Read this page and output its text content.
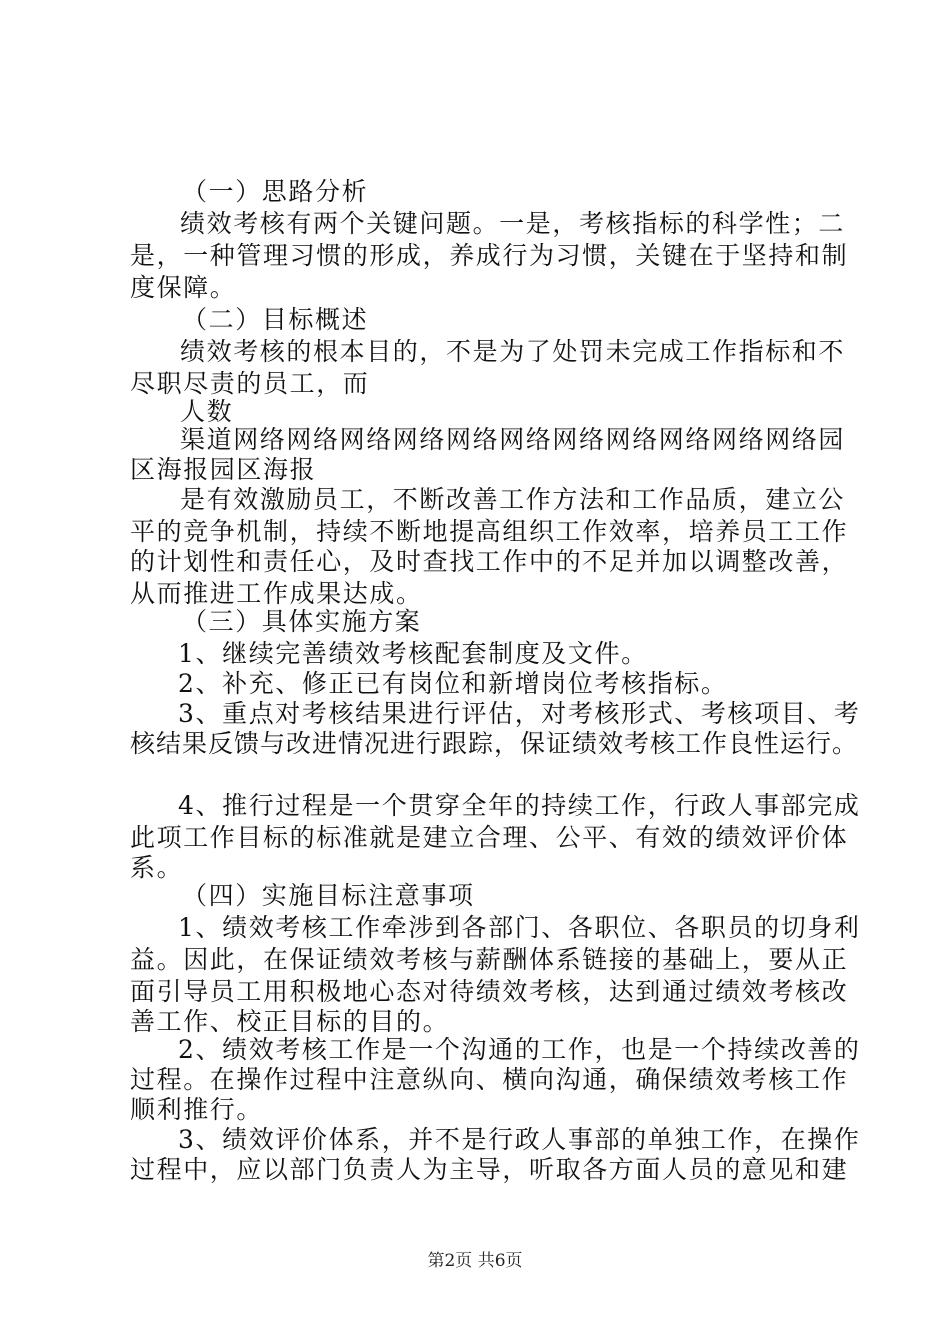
（一）思路分析
绩效考核有两个关键问题。一是，考核指标的科学性；二
是，一种管理习惯的形成，养成行为习惯，关键在于坚持和制
度保障。
（二）目标概述
绩效考核的根本目的，不是为了处罚未完成工作指标和不
尽职尽责的员工，而
人数
渠道网络网络网络网络网络网络网络网络网络网络网络园
区海报园区海报
是有效激励员工，不断改善工作方法和工作品质，建立公
平的竞争机制，持续不断地提高组织工作效率，培养员工工作
的计划性和责任心，及时查找工作中的不足并加以调整改善，
从而推进工作成果达成。
（三）具体实施方案
1、继续完善绩效考核配套制度及文件。
2、补充、修正已有岗位和新增岗位考核指标。
3、重点对考核结果进行评估，对考核形式、考核项目、考
核结果反馈与改进情况进行跟踪，保证绩效考核工作良性运行。
4、推行过程是一个贯穿全年的持续工作，行政人事部完成
此项工作目标的标准就是建立合理、公平、有效的绩效评价体
系。
（四）实施目标注意事项
1、绩效考核工作牵涉到各部门、各职位、各职员的切身利
益。因此，在保证绩效考核与薪酬体系链接的基础上，要从正
面引导员工用积极地心态对待绩效考核，达到通过绩效考核改
善工作、校正目标的目的。
2、绩效考核工作是一个沟通的工作，也是一个持续改善的
过程。在操作过程中注意纵向、横向沟通，确保绩效考核工作
顺利推行。
3、绩效评价体系，并不是行政人事部的单独工作，在操作
过程中，应以部门负责人为主导，听取各方面人员的意见和建
第2页 共6页
